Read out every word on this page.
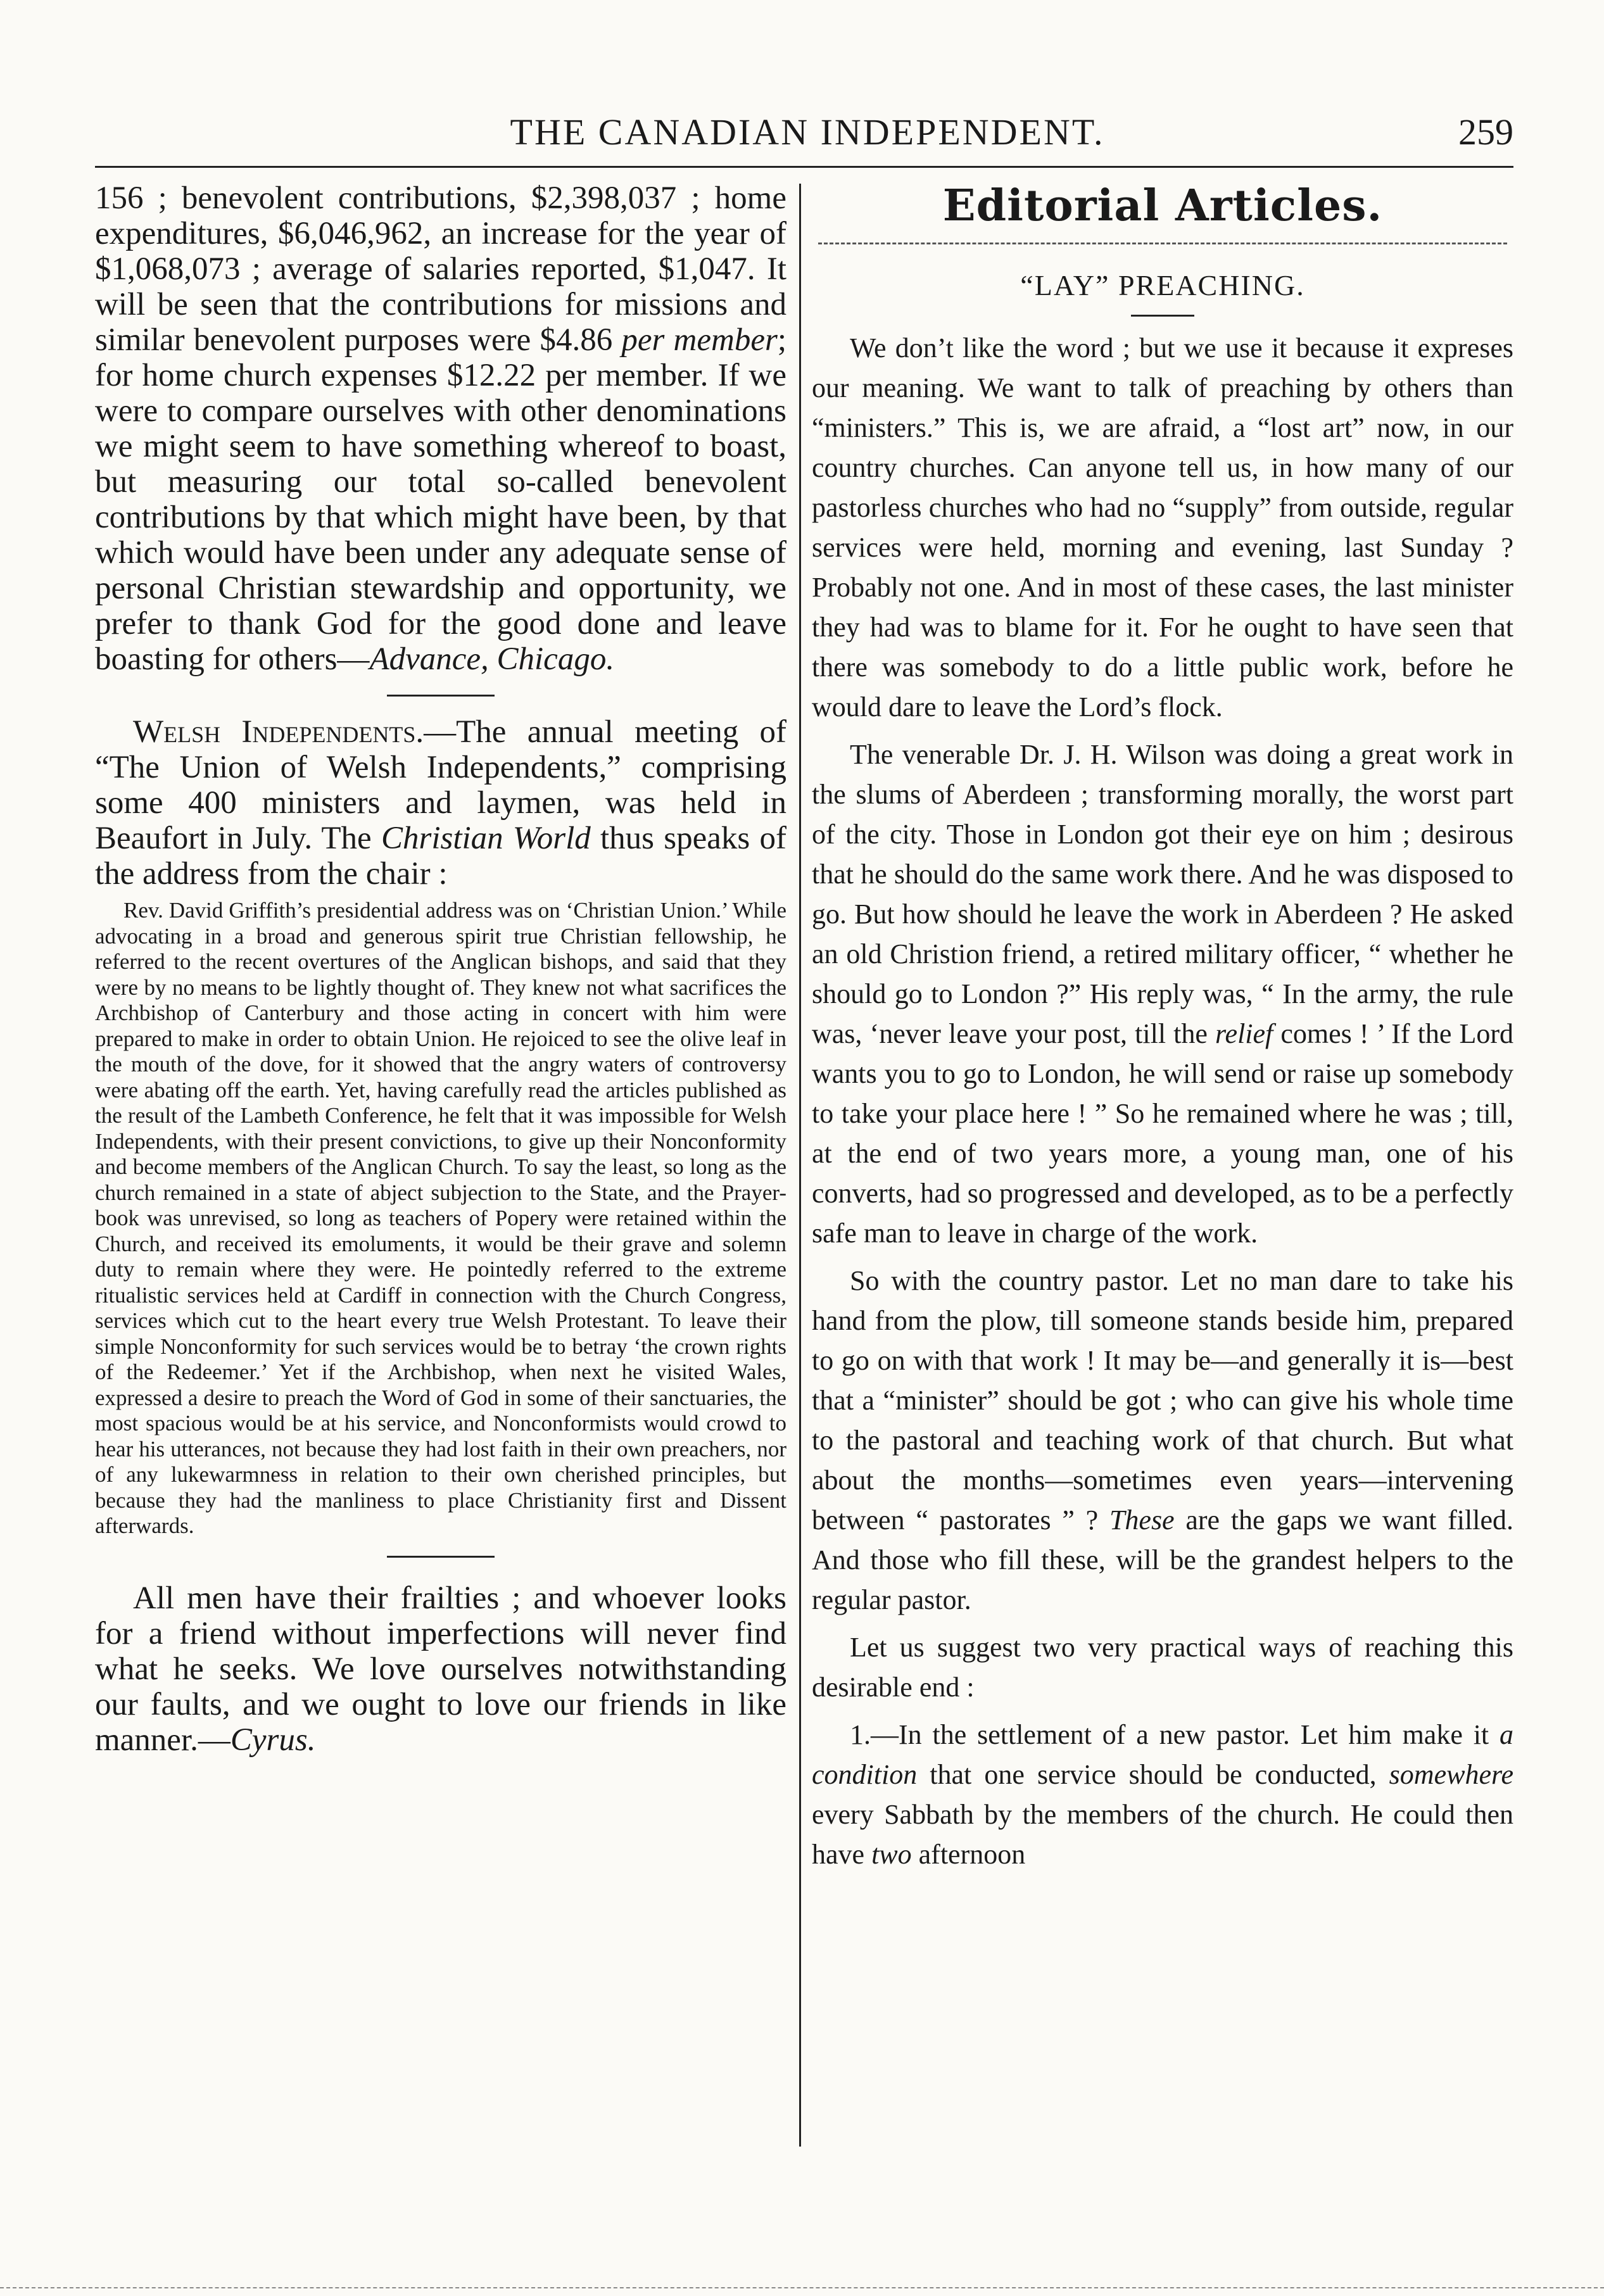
THE CANADIAN INDEPENDENT.	259

156 ; benevolent contributions, $2,398,037 ; home expenditures, $6,046,962, an increase for the year of $1,068,073 ; average of salaries reported, $1,047. It will be seen that the contributions for missions and similar benevolent purposes were $4.86 per member; for home church expenses $12.22 per member. If we were to compare ourselves with other denominations we might seem to have something whereof to boast, but measuring our total so-called benevolent contributions by that which might have been, by that which would have been under any adequate sense of personal Christian stewardship and opportunity, we prefer to thank God for the good done and leave boasting for others—Advance, Chicago.

Welsh Independents.—The annual meeting of “The Union of Welsh Independents,” comprising some 400 ministers and laymen, was held in Beaufort in July. The Christian World thus speaks of the address from the chair :

Rev. David Griffith’s presidential address was on ‘Christian Union.’ While advocating in a broad and generous spirit true Christian fellowship, he referred to the recent overtures of the Anglican bishops, and said that they were by no means to be lightly thought of. They knew not what sacrifices the Archbishop of Canterbury and those acting in concert with him were prepared to make in order to obtain Union. He rejoiced to see the olive leaf in the mouth of the dove, for it showed that the angry waters of controversy were abating off the earth. Yet, having carefully read the articles published as the result of the Lambeth Conference, he felt that it was impossible for Welsh Independents, with their present convictions, to give up their Nonconformity and become members of the Anglican Church. To say the least, so long as the church remained in a state of abject subjection to the State, and the Prayer-book was unrevised, so long as teachers of Popery were retained within the Church, and received its emoluments, it would be their grave and solemn duty to remain where they were. He pointedly referred to the extreme ritualistic services held at Cardiff in connection with the Church Congress, services which cut to the heart every true Welsh Protestant. To leave their simple Nonconformity for such services would be to betray ‘the crown rights of the Redeemer.’ Yet if the Archbishop, when next he visited Wales, expressed a desire to preach the Word of God in some of their sanctuaries, the most spacious would be at his service, and Nonconformists would crowd to hear his utterances, not because they had lost faith in their own preachers, nor of any lukewarmness in relation to their own cherished principles, but because they had the manliness to place Christianity first and Dissent afterwards.

All men have their frailties ; and whoever looks for a friend without imperfections will never find what he seeks. We love ourselves notwithstanding our faults, and we ought to love our friends in like manner.—Cyrus.

Editorial Articles.

“LAY” PREACHING.

We don’t like the word ; but we use it because it expreses our meaning. We want to talk of preaching by others than “ministers.” This is, we are afraid, a “lost art” now, in our country churches. Can anyone tell us, in how many of our pastorless churches who had no “supply” from outside, regular services were held, morning and evening, last Sunday ? Probably not one. And in most of these cases, the last minister they had was to blame for it. For he ought to have seen that there was somebody to do a little public work, before he would dare to leave the Lord’s flock.

The venerable Dr. J. H. Wilson was doing a great work in the slums of Aberdeen ; transforming morally, the worst part of the city. Those in London got their eye on him ; desirous that he should do the same work there. And he was disposed to go. But how should he leave the work in Aberdeen ? He asked an old Christion friend, a retired military officer, “ whether he should go to London ?” His reply was, “ In the army, the rule was, ‘never leave your post, till the relief comes ! ’ If the Lord wants you to go to London, he will send or raise up somebody to take your place here ! ” So he remained where he was ; till, at the end of two years more, a young man, one of his converts, had so progressed and developed, as to be a perfectly safe man to leave in charge of the work.

So with the country pastor. Let no man dare to take his hand from the plow, till someone stands beside him, prepared to go on with that work ! It may be—and generally it is—best that a “minister” should be got ; who can give his whole time to the pastoral and teaching work of that church. But what about the months—sometimes even years—intervening between “ pastorates ” ? These are the gaps we want filled. And those who fill these, will be the grandest helpers to the regular pastor.

Let us suggest two very practical ways of reaching this desirable end :

1.—In the settlement of a new pastor. Let him make it a condition that one service should be conducted, somewhere every Sabbath by the members of the church. He could then have two afternoon
